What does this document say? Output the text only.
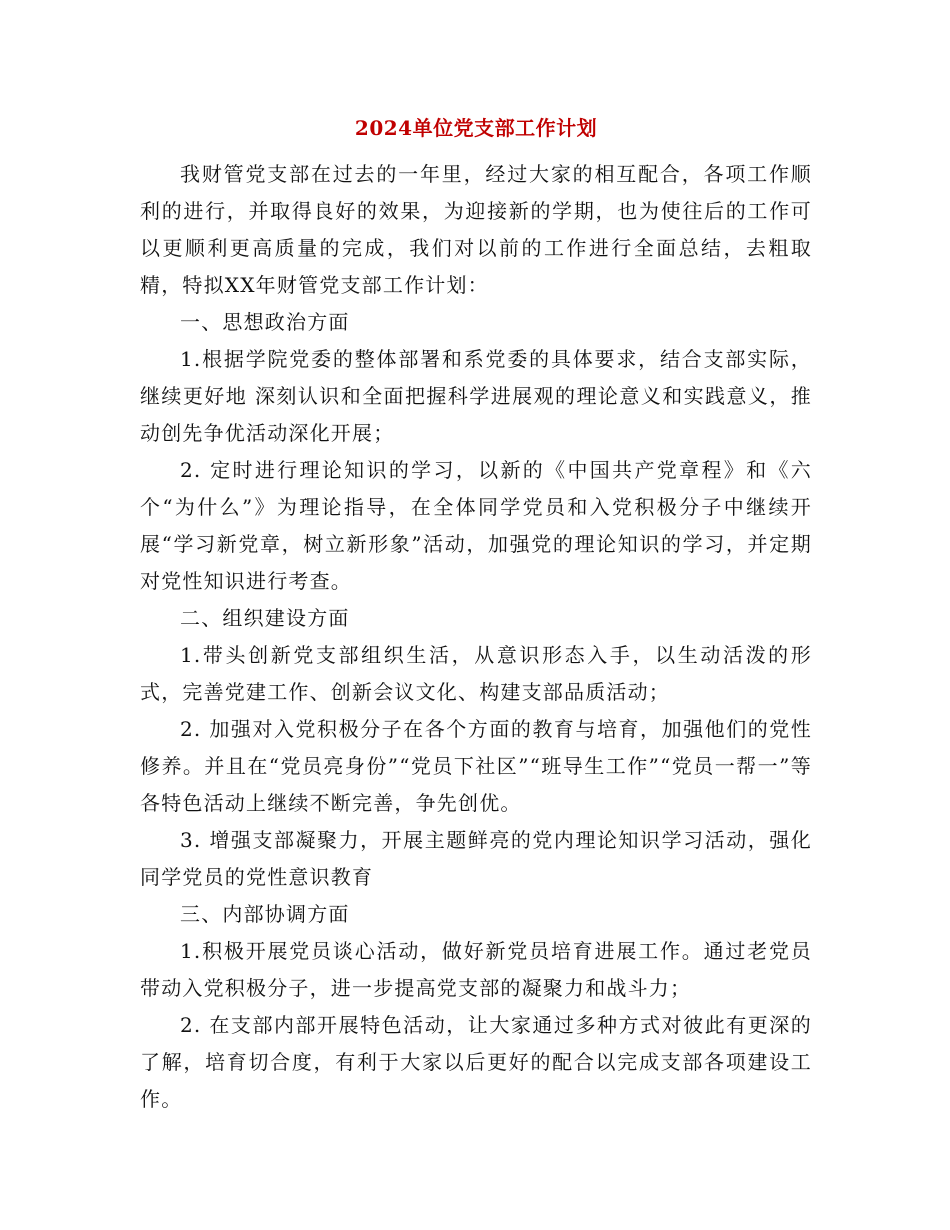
2024单位党支部工作计划

我财管党支部在过去的一年里，经过大家的相互配合，各项工作顺利的进行，并取得良好的效果，为迎接新的学期，也为使往后的工作可以更顺利更高质量的完成，我们对以前的工作进行全面总结，去粗取精，特拟XX年财管党支部工作计划：

一、思想政治方面

1.根据学院党委的整体部署和系党委的具体要求，结合支部实际，继续更好地 深刻认识和全面把握科学进展观的理论意义和实践意义，推动创先争优活动深化开展；

2. 定时进行理论知识的学习，以新的《中国共产党章程》和《六个“为什么”》为理论指导，在全体同学党员和入党积极分子中继续开展“学习新党章，树立新形象”活动，加强党的理论知识的学习，并定期对党性知识进行考查。

二、组织建设方面

1.带头创新党支部组织生活，从意识形态入手，以生动活泼的形式，完善党建工作、创新会议文化、构建支部品质活动；

2. 加强对入党积极分子在各个方面的教育与培育，加强他们的党性修养。并且在“党员亮身份”“党员下社区”“班导生工作”“党员一帮一”等各特色活动上继续不断完善，争先创优。

3. 增强支部凝聚力，开展主题鲜亮的党内理论知识学习活动，强化同学党员的党性意识教育

三、内部协调方面

1.积极开展党员谈心活动，做好新党员培育进展工作。通过老党员带动入党积极分子，进一步提高党支部的凝聚力和战斗力；

2. 在支部内部开展特色活动，让大家通过多种方式对彼此有更深的了解，培育切合度，有利于大家以后更好的配合以完成支部各项建设工作。
